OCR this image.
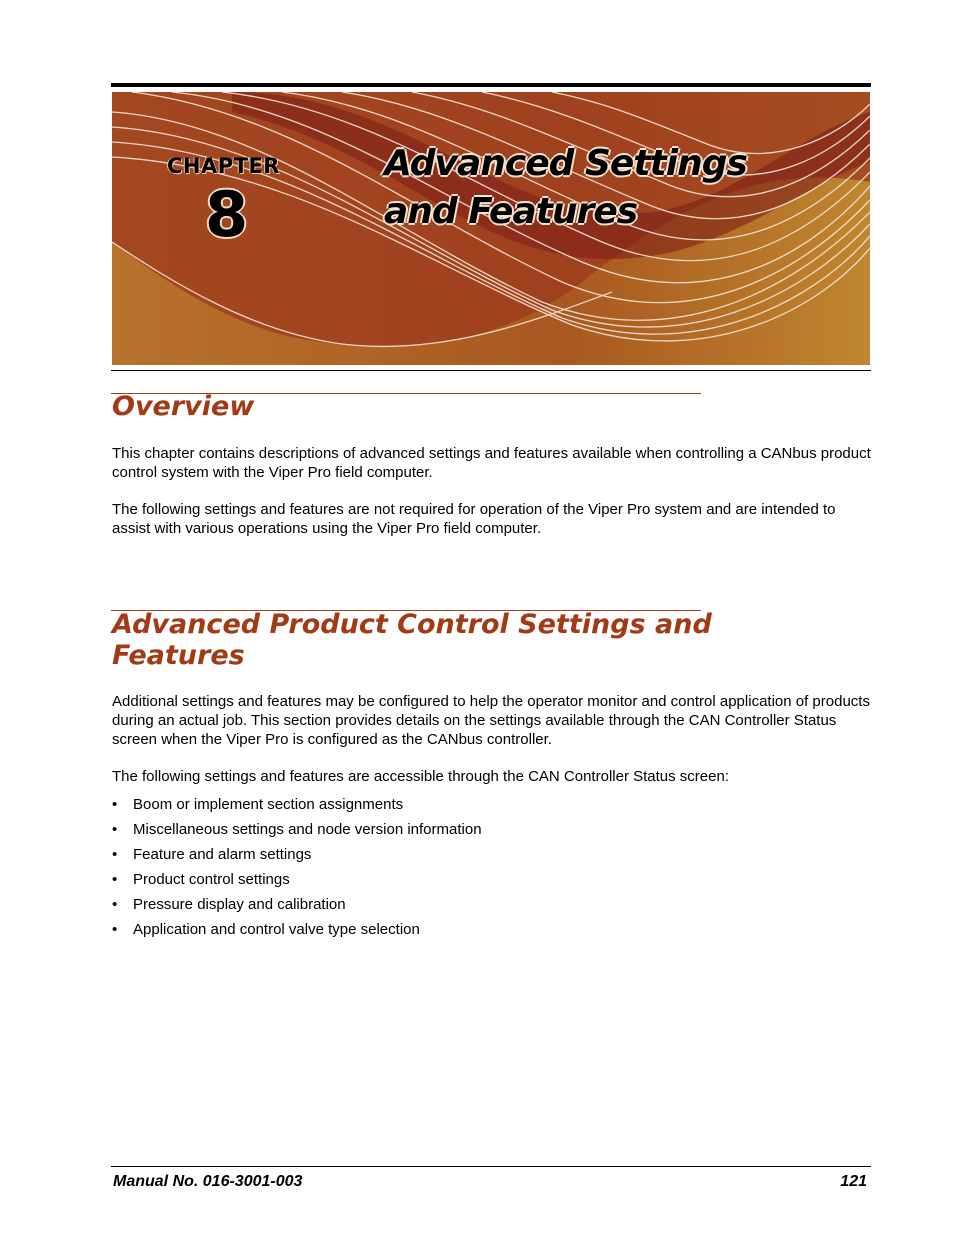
CHAPTER
8
Advanced Settings
and Features
Overview

This chapter contains descriptions of advanced settings and features available when controlling a CANbus product control system with the Viper Pro field computer.

The following settings and features are not required for operation of the Viper Pro system and are intended to assist with various operations using the Viper Pro field computer.

Advanced Product Control Settings and
Features

Additional settings and features may be configured to help the operator monitor and control application of products during an actual job. This section provides details on the settings available through the CAN Controller Status screen when the Viper Pro is configured as the CANbus controller.

The following settings and features are accessible through the CAN Controller Status screen:

• Boom or implement section assignments
• Miscellaneous settings and node version information
• Feature and alarm settings
• Product control settings
• Pressure display and calibration
• Application and control valve type selection
Manual No. 016-3001-003	121
